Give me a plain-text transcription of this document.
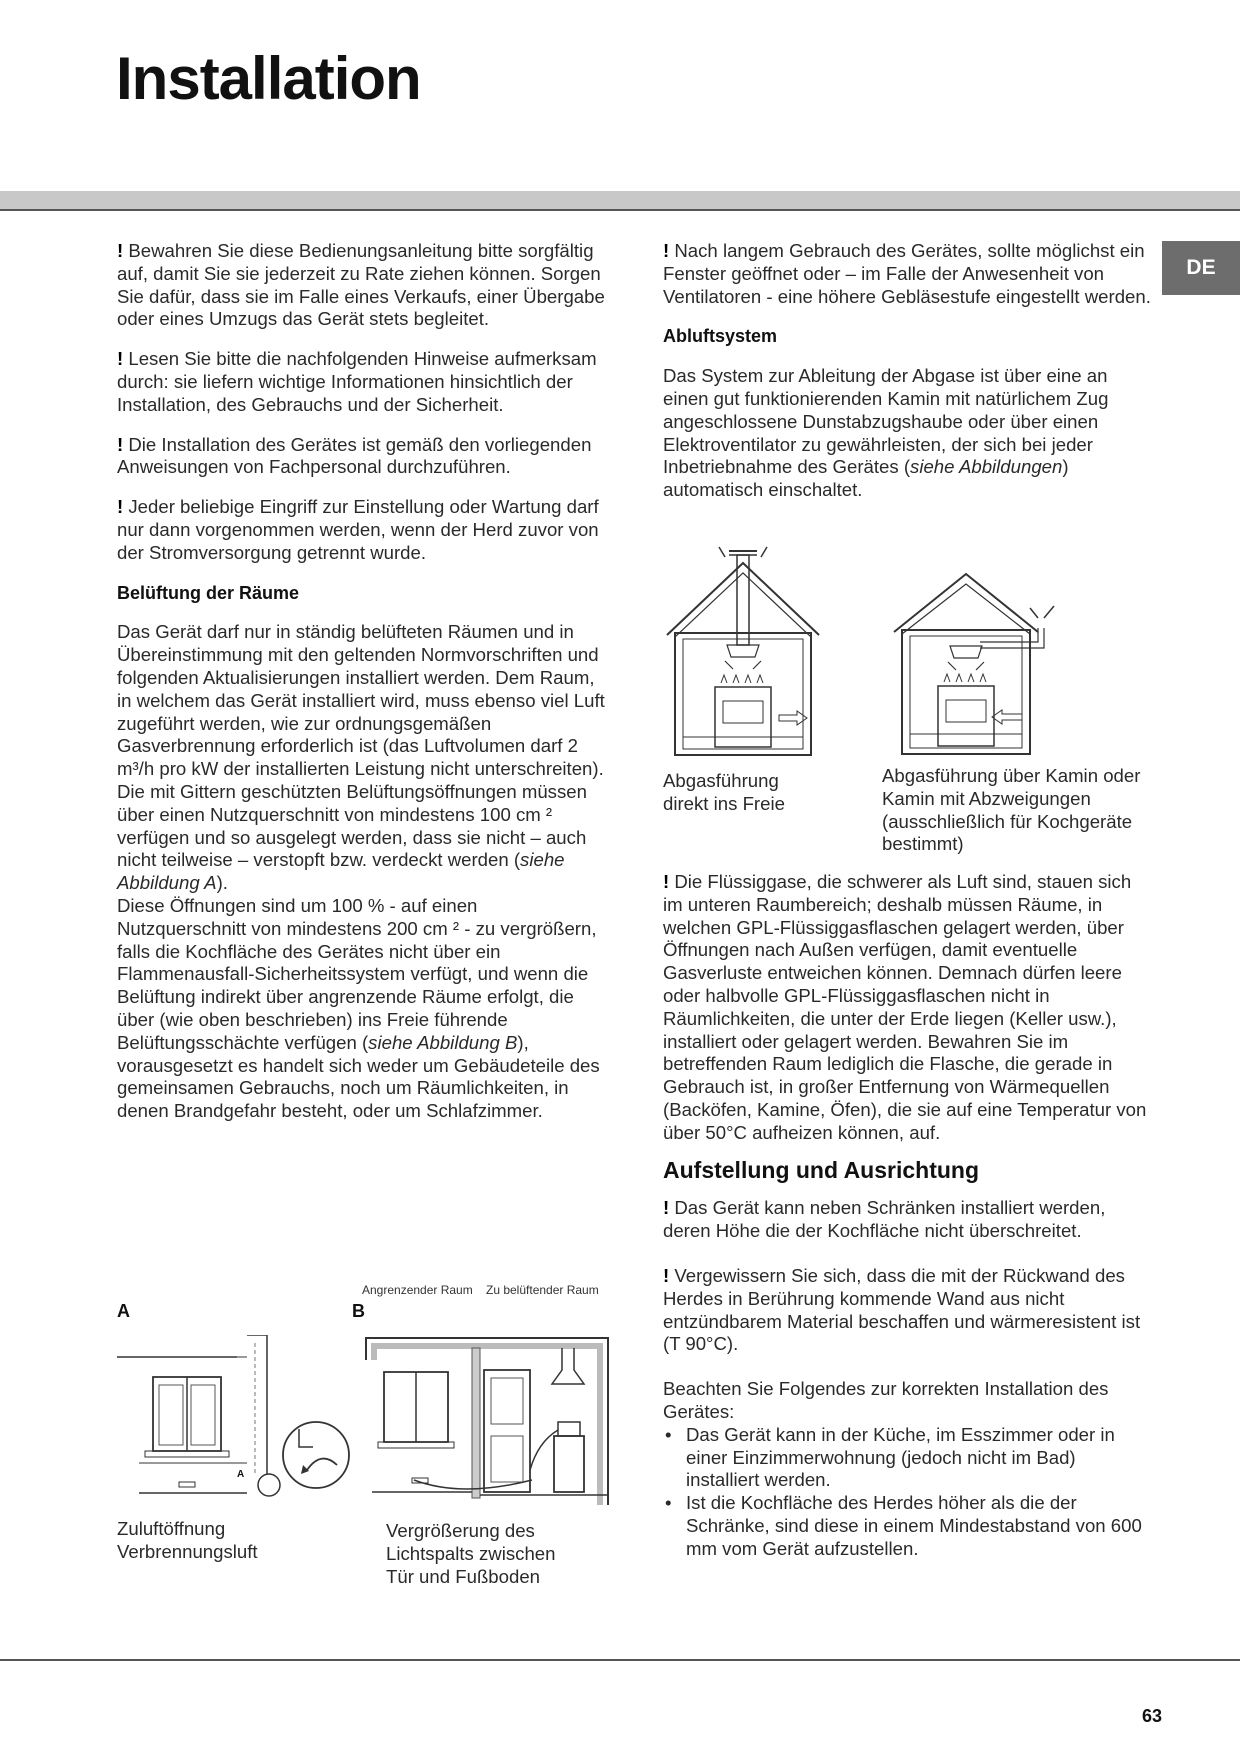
Installation
DE

! Bewahren Sie diese Bedienungsanleitung bitte sorgfältig auf, damit Sie sie jederzeit zu Rate ziehen können. Sorgen Sie dafür, dass sie im Falle eines Verkaufs, einer Übergabe oder eines Umzugs das Gerät stets begleitet.

! Lesen Sie bitte die nachfolgenden Hinweise aufmerksam durch: sie liefern wichtige Informationen hinsichtlich der Installation, des Gebrauchs und der Sicherheit.

! Die Installation des Gerätes ist gemäß den vorliegenden Anweisungen von Fachpersonal durchzuführen.

! Jeder beliebige Eingriff zur Einstellung oder Wartung darf nur dann vorgenommen werden, wenn der Herd zuvor von der Stromversorgung getrennt wurde.

Belüftung der Räume

Das Gerät darf nur in ständig belüfteten Räumen und in Übereinstimmung mit den geltenden Normvorschriften und folgenden Aktualisierungen installiert werden. Dem Raum, in welchem das Gerät installiert wird, muss ebenso viel Luft zugeführt werden, wie zur ordnungsgemäßen Gasverbrennung erforderlich ist (das Luftvolumen darf 2 m³/h pro kW der installierten Leistung nicht unterschreiten).
Die mit Gittern geschützten Belüftungsöffnungen müssen über einen Nutzquerschnitt von mindestens 100 cm ² verfügen und so ausgelegt werden, dass sie nicht – auch nicht teilweise – verstopft bzw. verdeckt werden (siehe Abbildung A).
Diese Öffnungen sind um 100 % - auf einen Nutzquerschnitt von mindestens 200 cm ² - zu vergrößern, falls die Kochfläche des Gerätes nicht über ein Flammenausfall-Sicherheitssystem verfügt, und wenn die Belüftung indirekt über angrenzende Räume erfolgt, die über (wie oben beschrieben) ins Freie führende Belüftungsschächte verfügen (siehe Abbildung B), vorausgesetzt es handelt sich weder um Gebäudeteile des gemeinsamen Gebrauchs, noch um Räumlichkeiten, in denen Brandgefahr besteht, oder um Schlafzimmer.

Angrenzender Raum Zu belüftender Raum
A	B
A
Zuluftöffnung
Verbrennungsluft
Vergrößerung des
Lichtspalts zwischen
Tür und Fußboden

! Nach langem Gebrauch des Gerätes, sollte möglichst ein Fenster geöffnet oder – im Falle der Anwesenheit von Ventilatoren - eine höhere Gebläsestufe eingestellt werden.

Abluftsystem

Das System zur Ableitung der Abgase ist über eine an einen gut funktionierenden Kamin mit natürlichem Zug angeschlossene Dunstabzugshaube oder über einen Elektroventilator zu gewährleisten, der sich bei jeder Inbetriebnahme des Gerätes (siehe Abbildungen) automatisch einschaltet.

Abgasführung
direkt ins Freie
Abgasführung über Kamin oder
Kamin mit Abzweigungen
(ausschließlich für Kochgeräte
bestimmt)

! Die Flüssiggase, die schwerer als Luft sind, stauen sich im unteren Raumbereich; deshalb müssen Räume, in welchen GPL-Flüssiggasflaschen gelagert werden, über Öffnungen nach Außen verfügen, damit eventuelle Gasverluste entweichen können. Demnach dürfen leere oder halbvolle GPL-Flüssiggasflaschen nicht in Räumlichkeiten, die unter der Erde liegen (Keller usw.), installiert oder gelagert werden. Bewahren Sie im betreffenden Raum lediglich die Flasche, die gerade in Gebrauch ist, in großer Entfernung von Wärmequellen (Backöfen, Kamine, Öfen), die sie auf eine Temperatur von über 50°C aufheizen können, auf.

Aufstellung und Ausrichtung

! Das Gerät kann neben Schränken installiert werden, deren Höhe die der Kochfläche nicht überschreitet.

! Vergewissern Sie sich, dass die mit der Rückwand des Herdes in Berührung kommende Wand aus nicht entzündbarem Material beschaffen und wärmeresistent ist (T 90°C).

Beachten Sie Folgendes zur korrekten Installation des Gerätes:

• Das Gerät kann in der Küche, im Esszimmer oder in einer Einzimmerwohnung (jedoch nicht im Bad) installiert werden.
• Ist die Kochfläche des Herdes höher als die der Schränke, sind diese in einem Mindestabstand von 600 mm vom Gerät aufzustellen.
63
